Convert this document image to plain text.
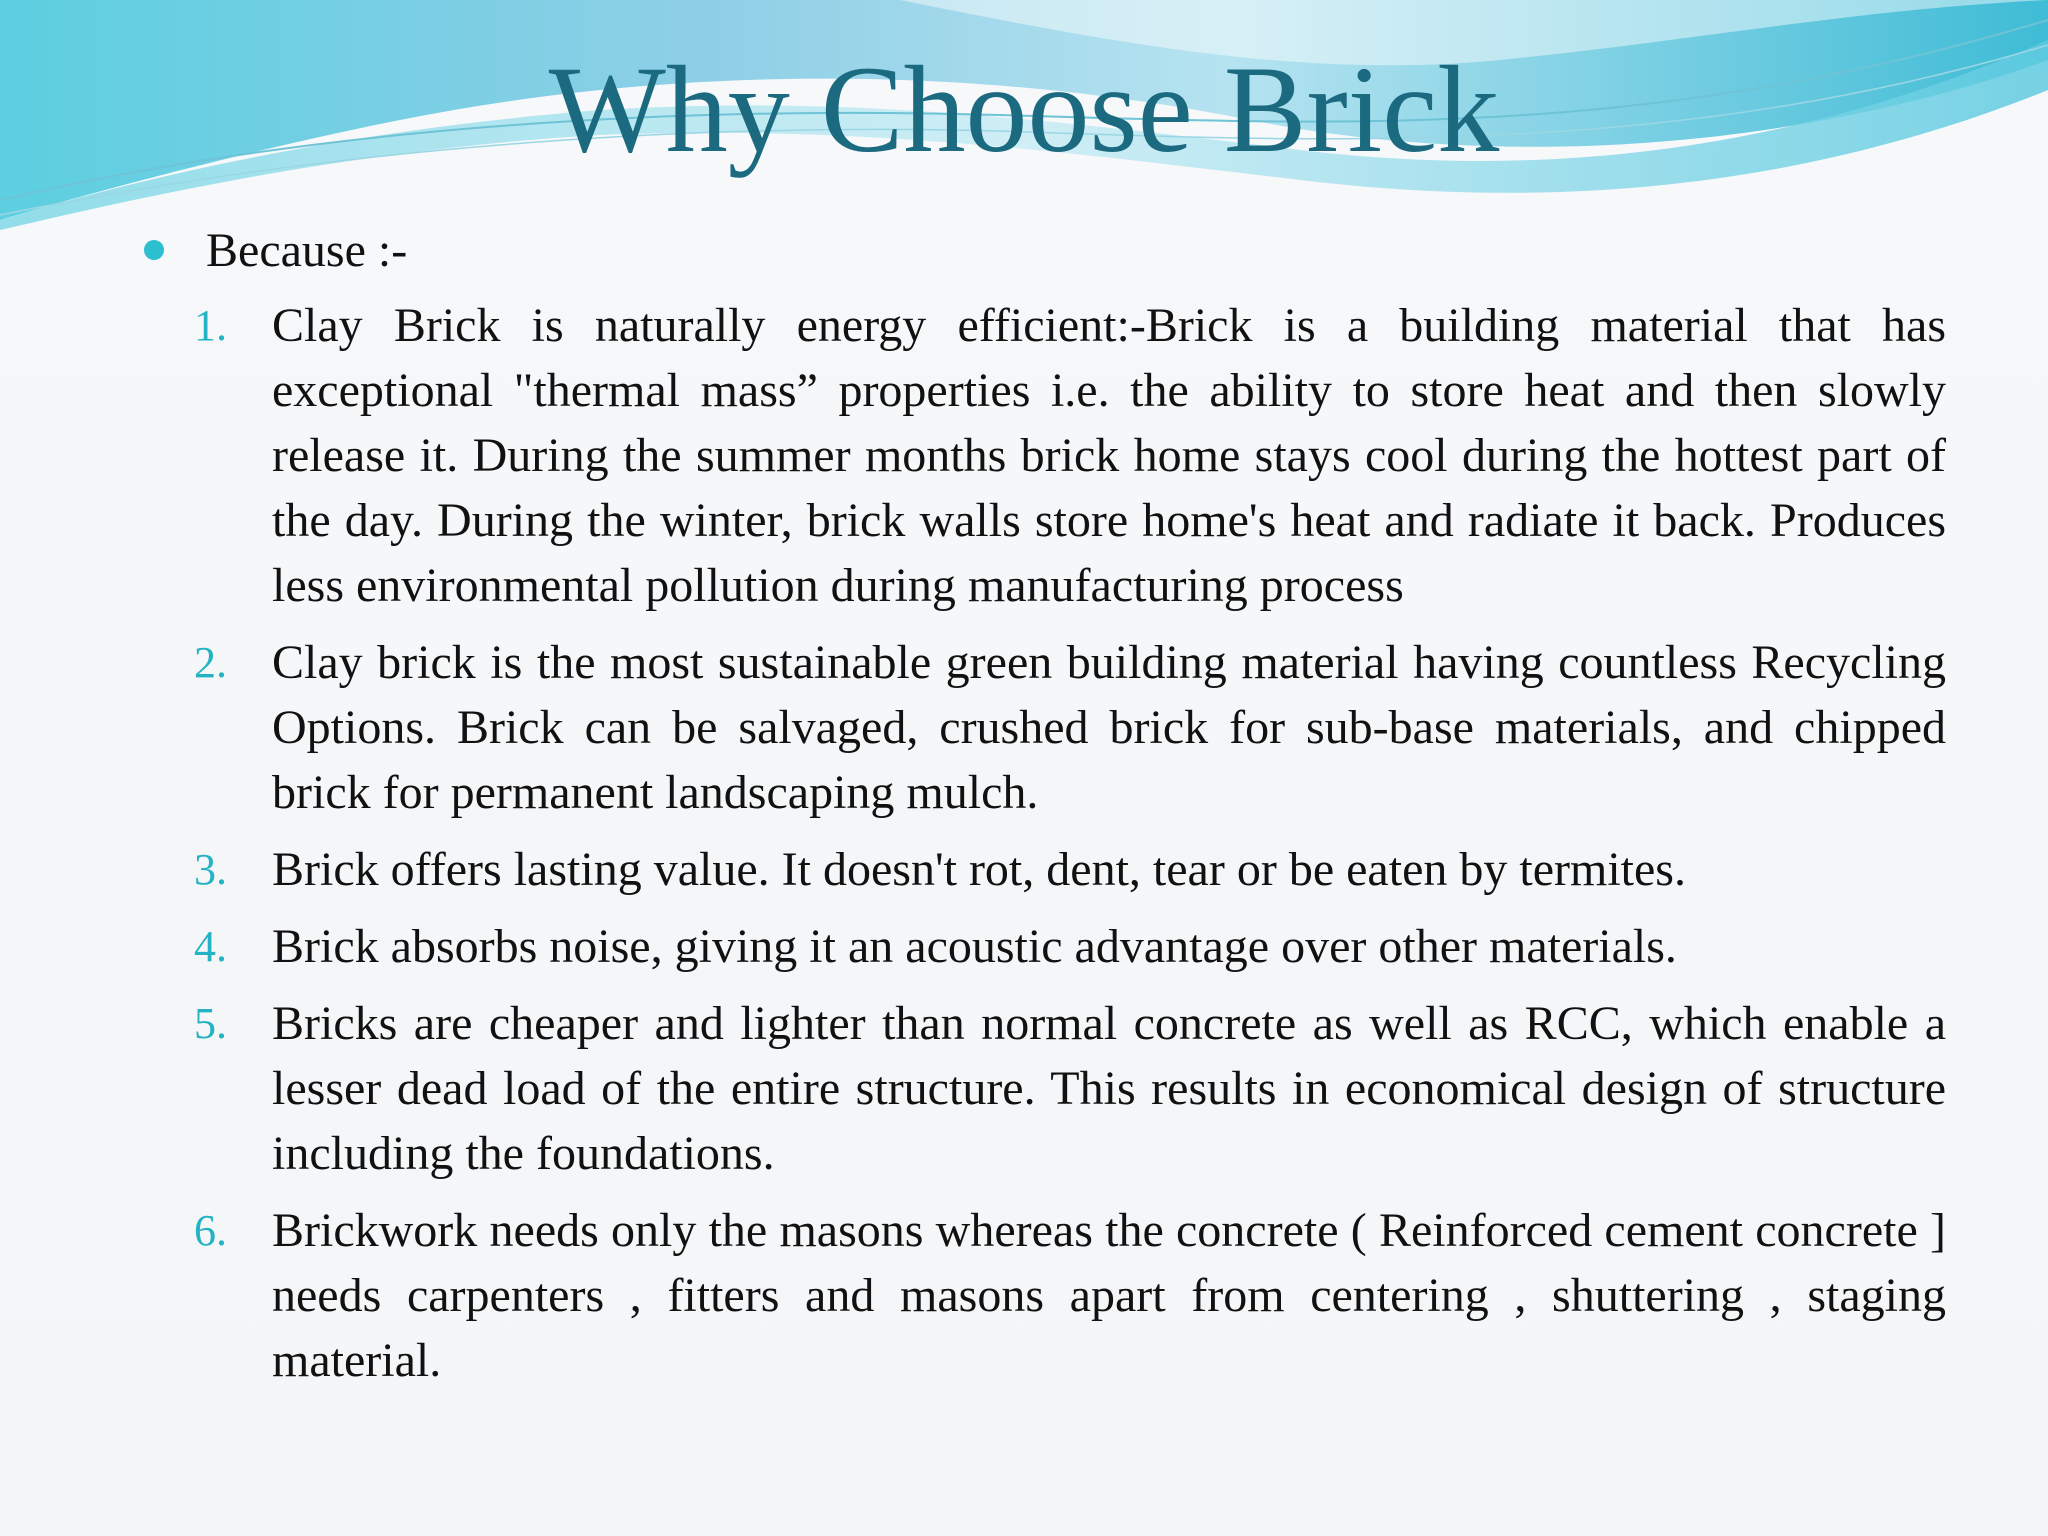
Why Choose Brick
Because :-
1. Clay Brick is naturally energy efficient:-Brick is a building material that has exceptional "thermal mass” properties i.e. the ability to store heat and then slowly release it. During the summer months brick home stays cool during the hottest part of the day. During the winter, brick walls store home's heat and radiate it back. Produces less environmental pollution during manufacturing process
2. Clay brick is the most sustainable green building material having countless Recycling Options. Brick can be salvaged, crushed brick for sub-base materials, and chipped brick for permanent landscaping mulch.
3. Brick offers lasting value. It doesn't rot, dent, tear or be eaten by termites.
4. Brick absorbs noise, giving it an acoustic advantage over other materials.
5. Bricks are cheaper and lighter than normal concrete as well as RCC, which enable a lesser dead load of the entire structure. This results in economical design of structure including the foundations.
6. Brickwork needs only the masons whereas the concrete ( Reinforced cement concrete ] needs carpenters , fitters and masons apart from centering , shuttering , staging material.
